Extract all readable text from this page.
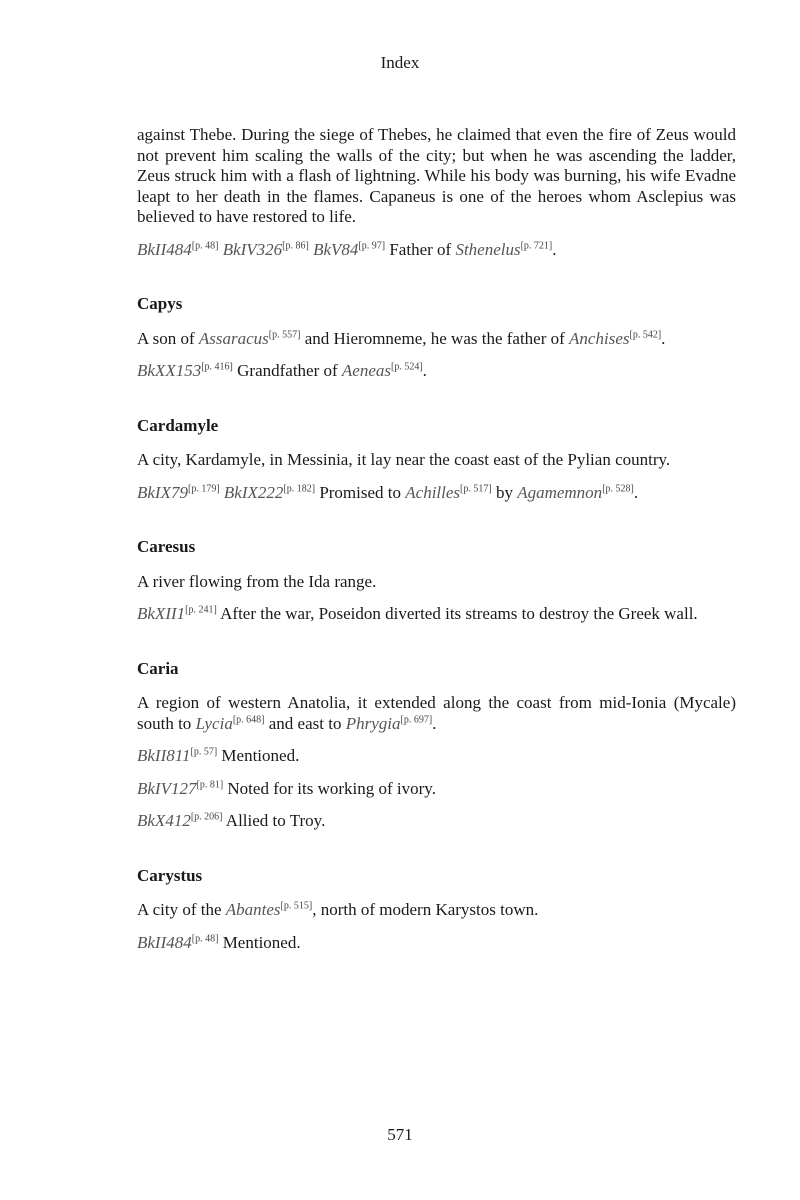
Index

against Thebe. During the siege of Thebes, he claimed that even the fire of Zeus would not prevent him scaling the walls of the city; but when he was ascending the ladder, Zeus struck him with a flash of lightning. While his body was burning, his wife Evadne leapt to her death in the flames. Capaneus is one of the heroes whom Asclepius was believed to have restored to life.

BkII484[p. 48] BkIV326[p. 86] BkV84[p. 97] Father of Sthenelus[p. 721].

Capys

A son of Assaracus[p. 557] and Hieromneme, he was the father of Anchises[p. 542].

BkXX153[p. 416] Grandfather of Aeneas[p. 524].

Cardamyle

A city, Kardamyle, in Messinia, it lay near the coast east of the Pylian country.

BkIX79[p. 179] BkIX222[p. 182] Promised to Achilles[p. 517] by Agamemnon[p. 528].

Caresus

A river flowing from the Ida range.

BkXII1[p. 241] After the war, Poseidon diverted its streams to destroy the Greek wall.

Caria

A region of western Anatolia, it extended along the coast from mid-Ionia (Mycale) south to Lycia[p. 648] and east to Phrygia[p. 697].

BkII811[p. 57] Mentioned.

BkIV127[p. 81] Noted for its working of ivory.

BkX412[p. 206] Allied to Troy.

Carystus

A city of the Abantes[p. 515], north of modern Karystos town.

BkII484[p. 48] Mentioned.

571
